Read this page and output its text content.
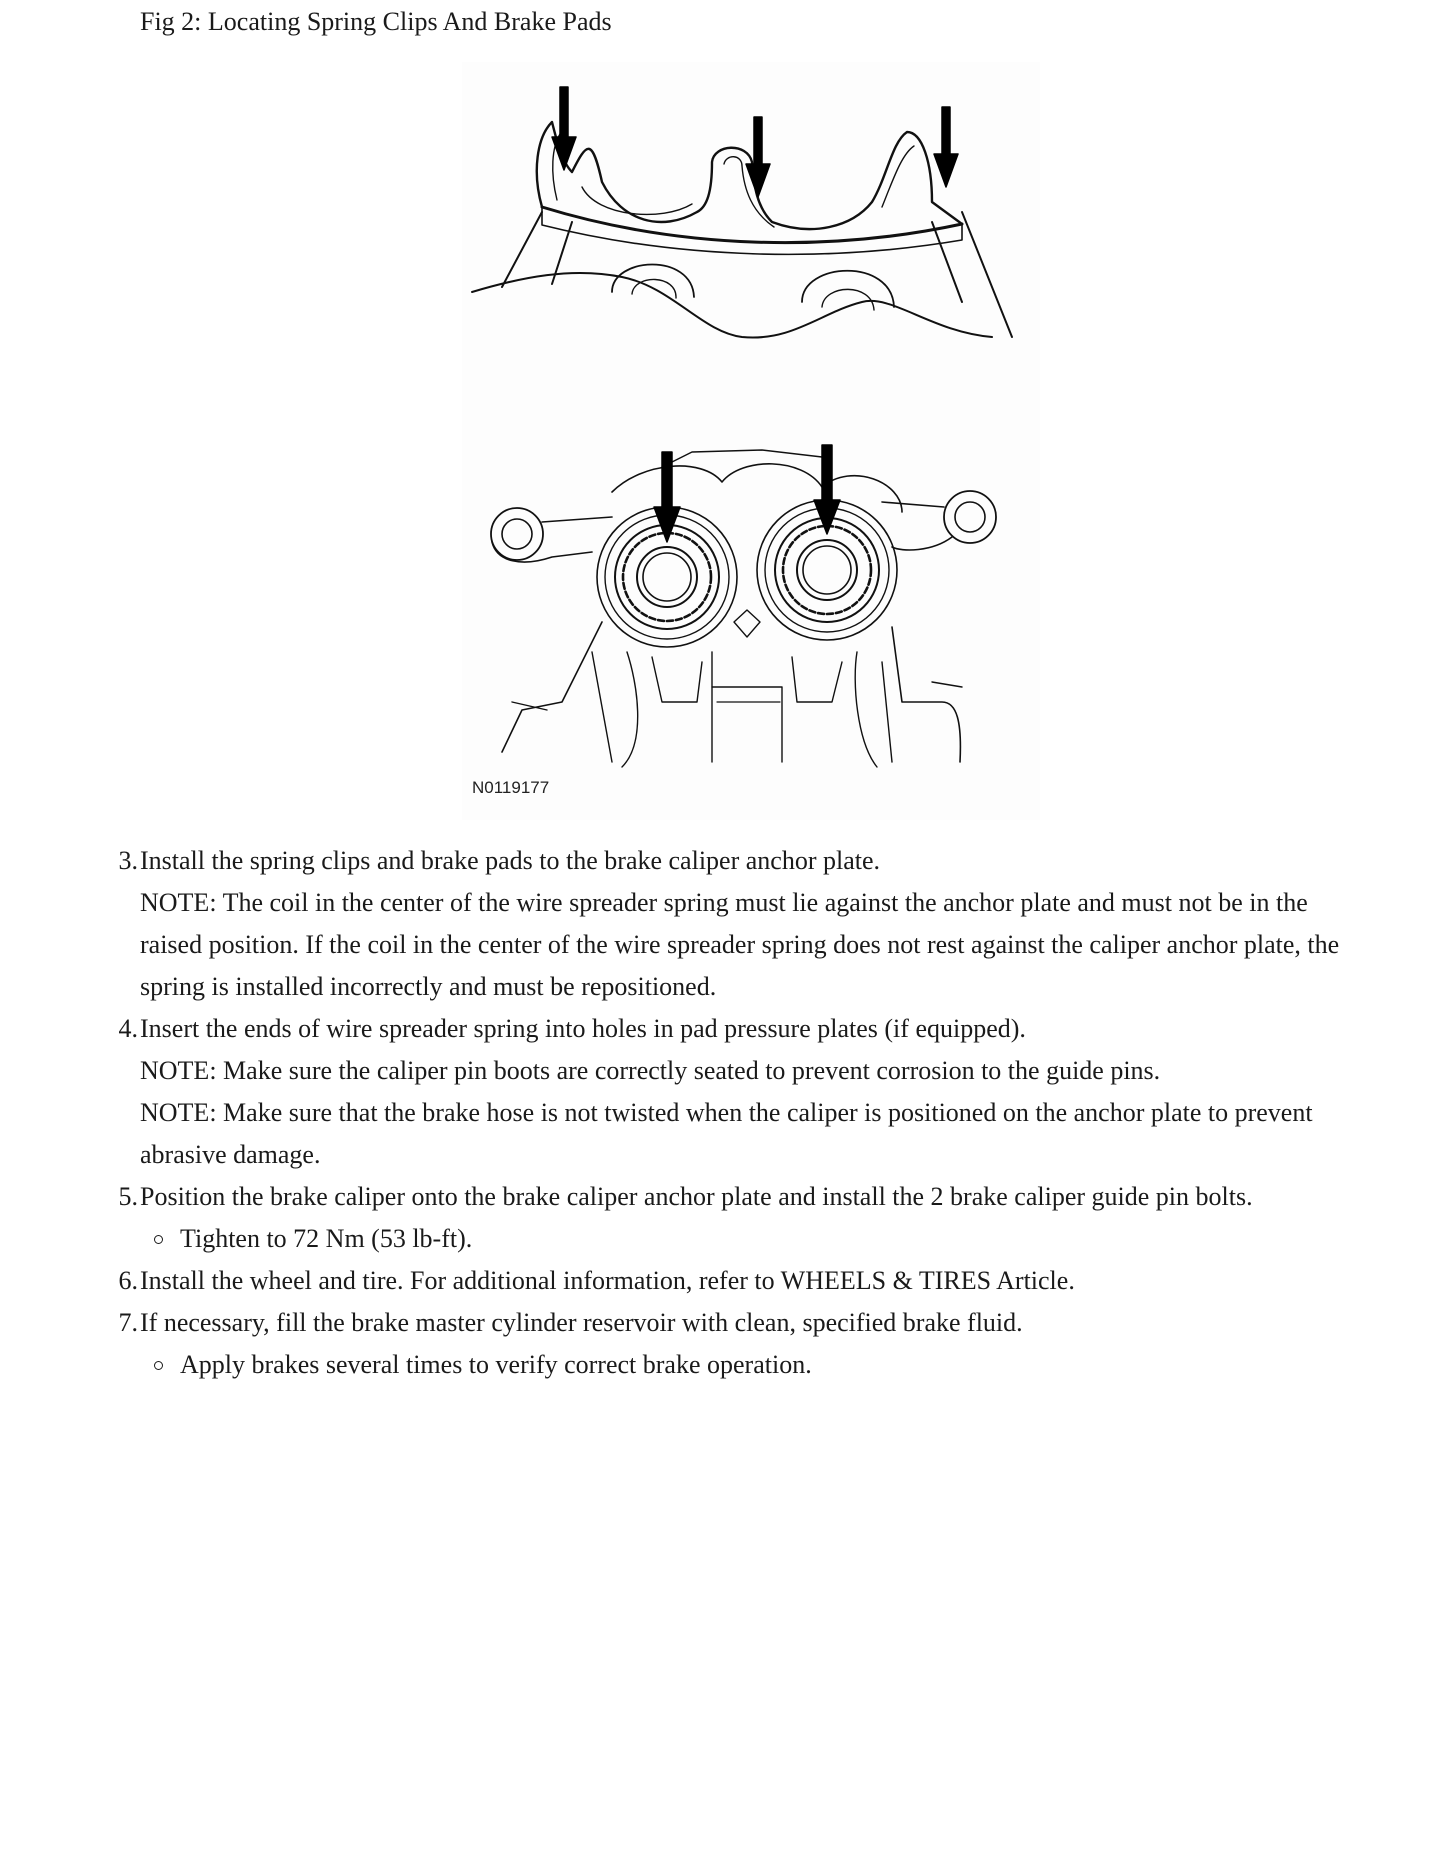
Fig 2: Locating Spring Clips And Brake Pads
N0119177
3. Install the spring clips and brake pads to the brake caliper anchor plate.
NOTE: The coil in the center of the wire spreader spring must lie against the anchor plate and must not be in the raised position. If the coil in the center of the wire spreader spring does not rest against the caliper anchor plate, the spring is installed incorrectly and must be repositioned.
4. Insert the ends of wire spreader spring into holes in pad pressure plates (if equipped).
NOTE: Make sure the caliper pin boots are correctly seated to prevent corrosion to the guide pins.
NOTE: Make sure that the brake hose is not twisted when the caliper is positioned on the anchor plate to prevent abrasive damage.
5. Position the brake caliper onto the brake caliper anchor plate and install the 2 brake caliper guide pin bolts.
Tighten to 72 Nm (53 lb-ft).
6. Install the wheel and tire. For additional information, refer to WHEELS & TIRES Article.
7. If necessary, fill the brake master cylinder reservoir with clean, specified brake fluid.
Apply brakes several times to verify correct brake operation.
